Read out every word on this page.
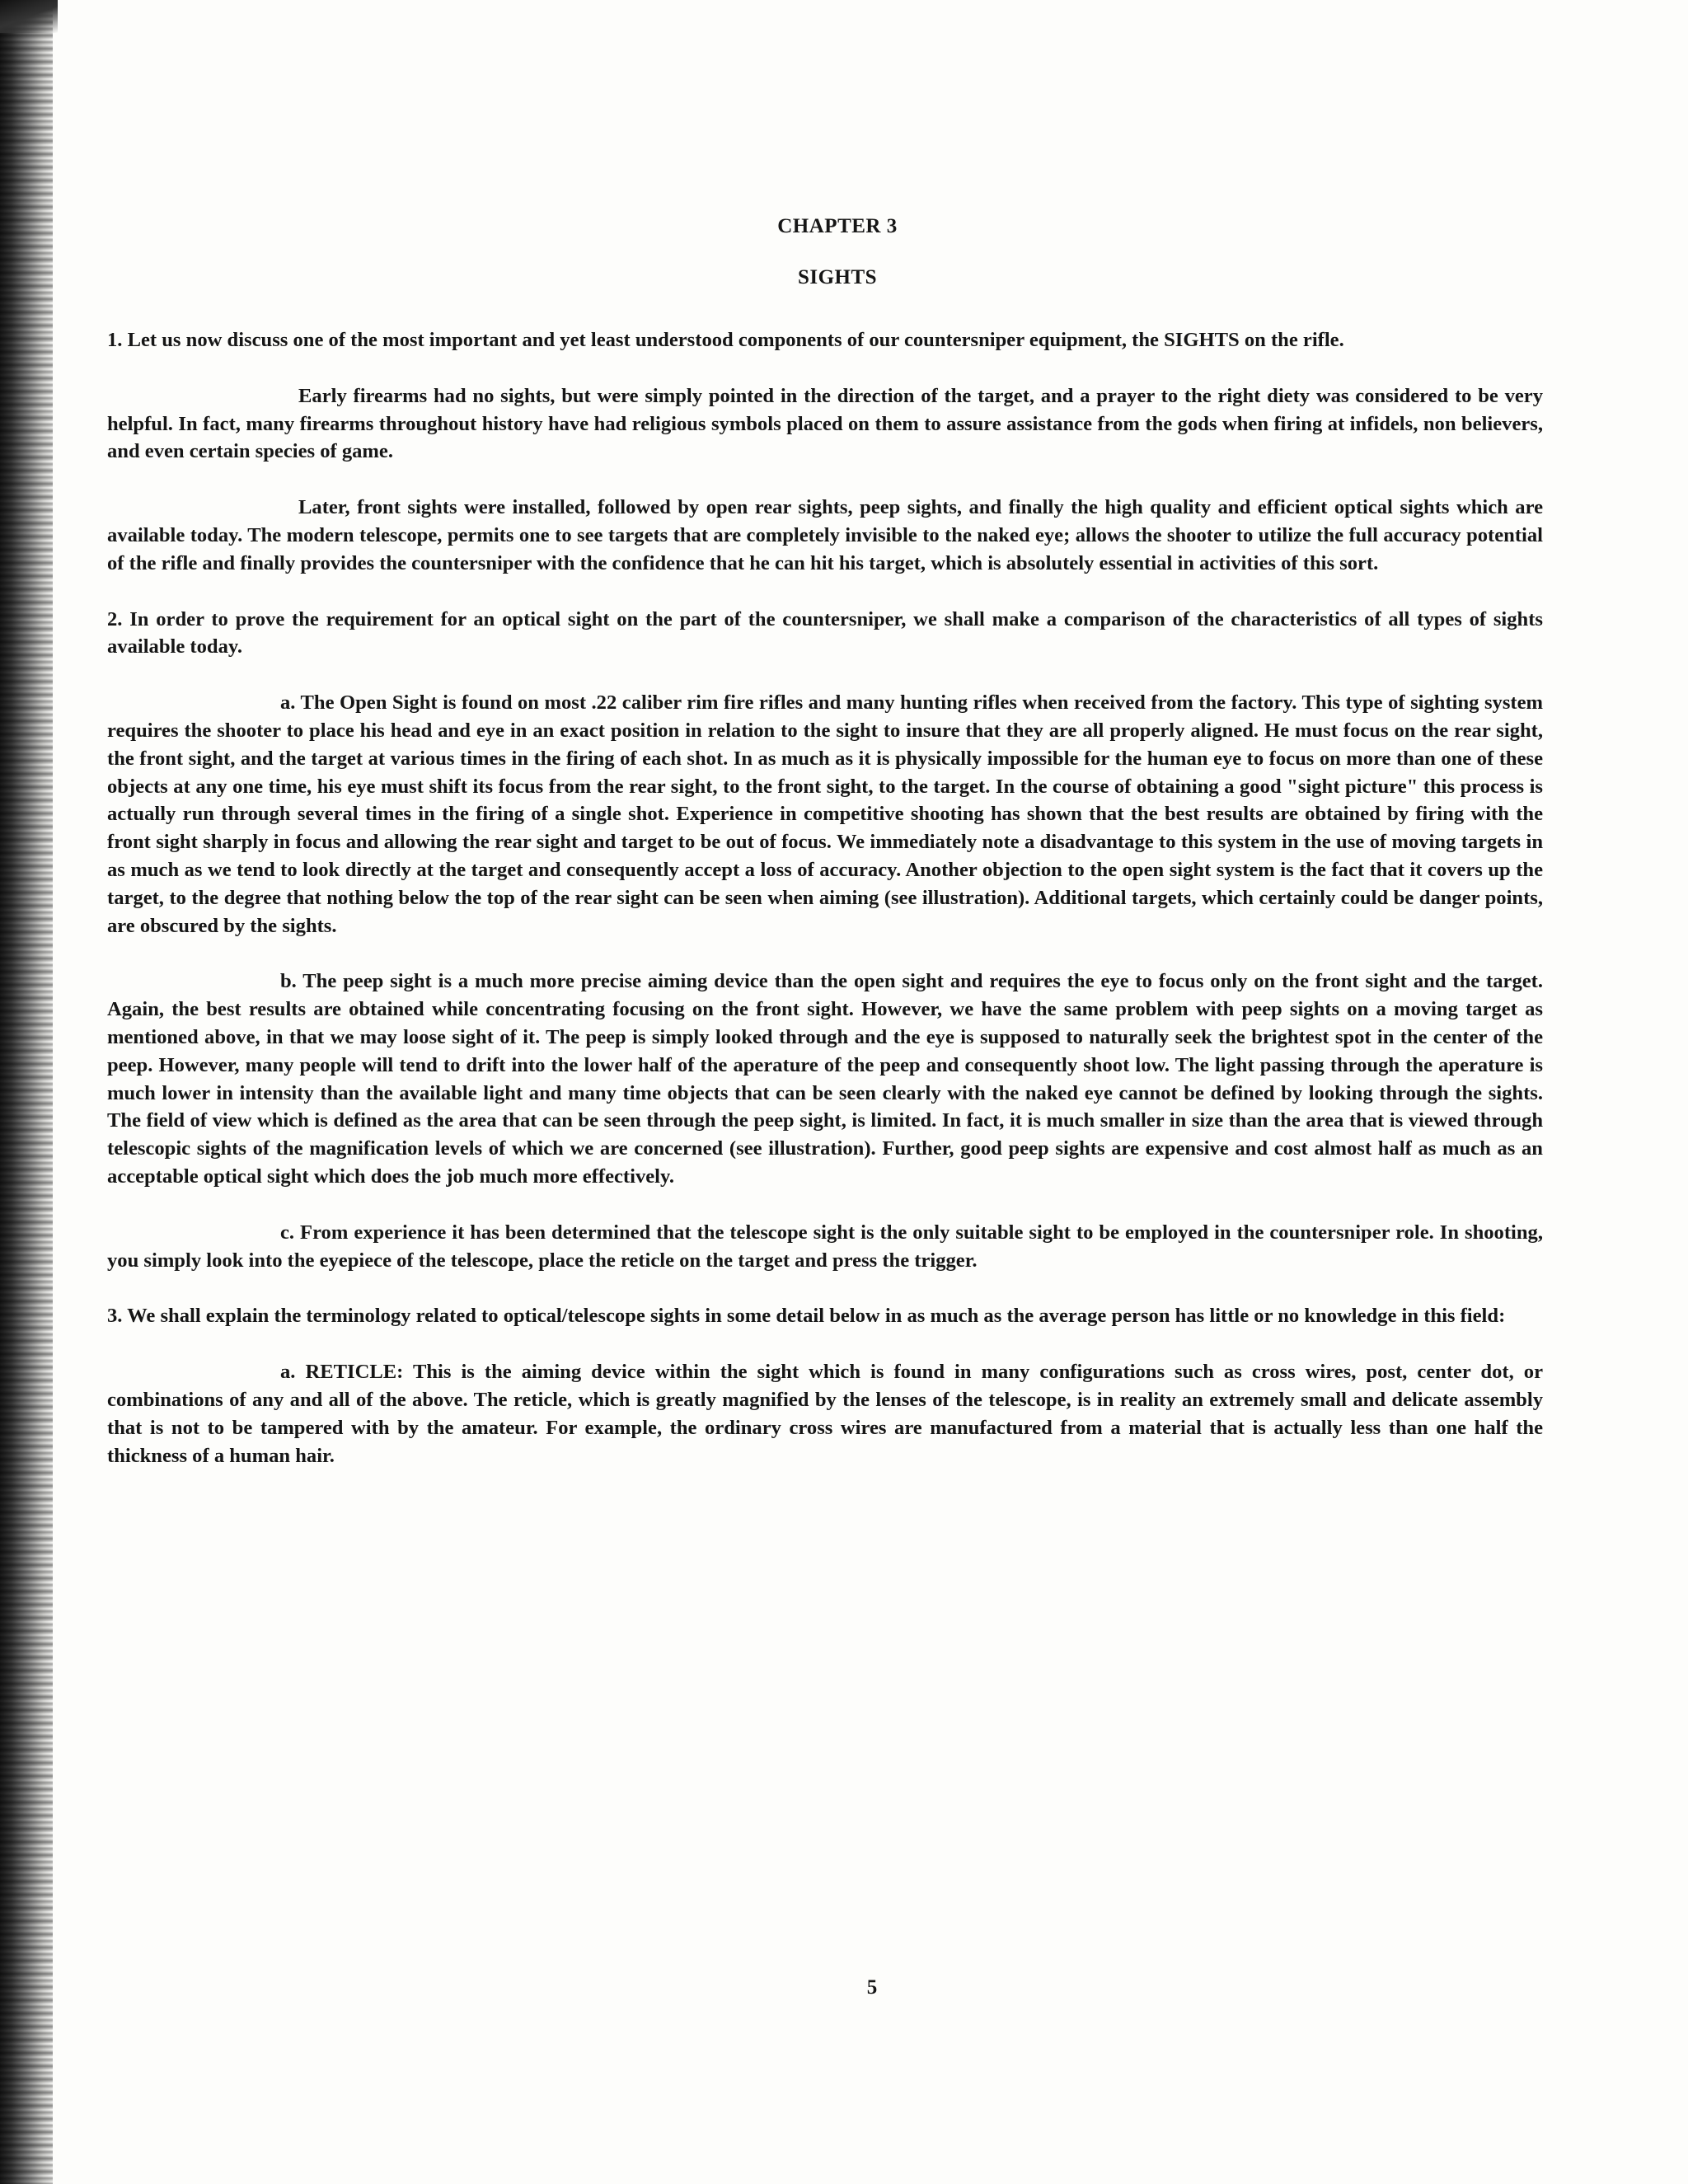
CHAPTER 3
SIGHTS

1. Let us now discuss one of the most important and yet least understood components of our countersniper equipment, the SIGHTS on the rifle.

Early firearms had no sights, but were simply pointed in the direction of the target, and a prayer to the right diety was considered to be very helpful. In fact, many firearms throughout history have had religious symbols placed on them to assure assistance from the gods when firing at infidels, non believers, and even certain species of game.

Later, front sights were installed, followed by open rear sights, peep sights, and finally the high quality and efficient optical sights which are available today. The modern telescope, permits one to see targets that are completely invisible to the naked eye; allows the shooter to utilize the full accuracy potential of the rifle and finally provides the countersniper with the confidence that he can hit his target, which is absolutely essential in activities of this sort.

2. In order to prove the requirement for an optical sight on the part of the countersniper, we shall make a comparison of the characteristics of all types of sights available today.

a. The Open Sight is found on most .22 caliber rim fire rifles and many hunting rifles when received from the factory. This type of sighting system requires the shooter to place his head and eye in an exact position in relation to the sight to insure that they are all properly aligned. He must focus on the rear sight, the front sight, and the target at various times in the firing of each shot. In as much as it is physically impossible for the human eye to focus on more than one of these objects at any one time, his eye must shift its focus from the rear sight, to the front sight, to the target. In the course of obtaining a good "sight picture" this process is actually run through several times in the firing of a single shot. Experience in competitive shooting has shown that the best results are obtained by firing with the front sight sharply in focus and allowing the rear sight and target to be out of focus. We immediately note a disadvantage to this system in the use of moving targets in as much as we tend to look directly at the target and consequently accept a loss of accuracy. Another objection to the open sight system is the fact that it covers up the target, to the degree that nothing below the top of the rear sight can be seen when aiming (see illustration). Additional targets, which certainly could be danger points, are obscured by the sights.

b. The peep sight is a much more precise aiming device than the open sight and requires the eye to focus only on the front sight and the target. Again, the best results are obtained while concentrating focusing on the front sight. However, we have the same problem with peep sights on a moving target as mentioned above, in that we may loose sight of it. The peep is simply looked through and the eye is supposed to naturally seek the brightest spot in the center of the peep. However, many people will tend to drift into the lower half of the aperature of the peep and consequently shoot low. The light passing through the aperature is much lower in intensity than the available light and many time objects that can be seen clearly with the naked eye cannot be defined by looking through the sights. The field of view which is defined as the area that can be seen through the peep sight, is limited. In fact, it is much smaller in size than the area that is viewed through telescopic sights of the magnification levels of which we are concerned (see illustration). Further, good peep sights are expensive and cost almost half as much as an acceptable optical sight which does the job much more effectively.

c. From experience it has been determined that the telescope sight is the only suitable sight to be employed in the countersniper role. In shooting, you simply look into the eyepiece of the telescope, place the reticle on the target and press the trigger.

3. We shall explain the terminology related to optical/telescope sights in some detail below in as much as the average person has little or no knowledge in this field:

a. RETICLE: This is the aiming device within the sight which is found in many configurations such as cross wires, post, center dot, or combinations of any and all of the above. The reticle, which is greatly magnified by the lenses of the telescope, is in reality an extremely small and delicate assembly that is not to be tampered with by the amateur. For example, the ordinary cross wires are manufactured from a material that is actually less than one half the thickness of a human hair.

5
